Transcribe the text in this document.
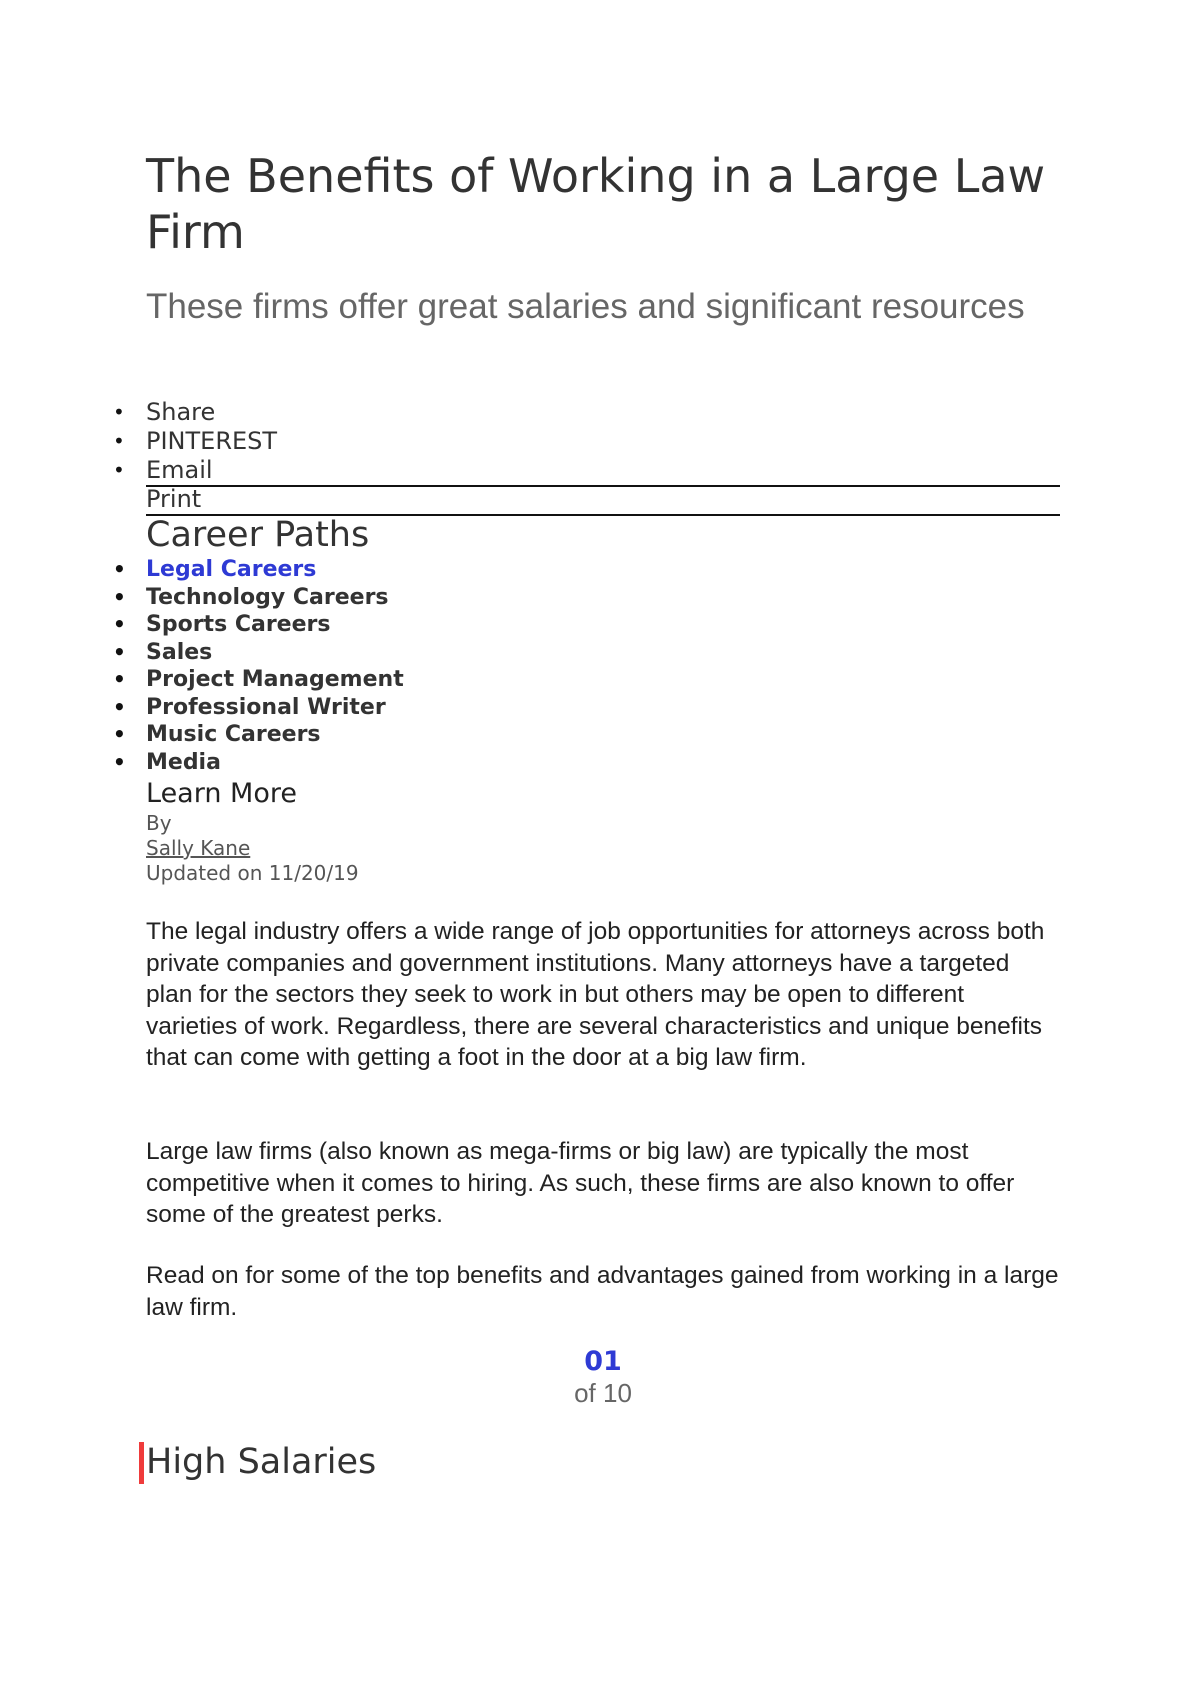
The Benefits of Working in a Large Law Firm

These firms offer great salaries and significant resources

• Share
• PINTEREST
• Email
Print
Career Paths
• Legal Careers
• Technology Careers
• Sports Careers
• Sales
• Project Management
• Professional Writer
• Music Careers
• Media
Learn More
By
Sally Kane
Updated on 11/20/19

The legal industry offers a wide range of job opportunities for attorneys across both private companies and government institutions. Many attorneys have a targeted plan for the sectors they seek to work in but others may be open to different varieties of work. Regardless, there are several characteristics and unique benefits that can come with getting a foot in the door at a big law firm.

Large law firms (also known as mega-firms or big law) are typically the most competitive when it comes to hiring. As such, these firms are also known to offer some of the greatest perks.

Read on for some of the top benefits and advantages gained from working in a large law firm.

01
of 10
High Salaries
